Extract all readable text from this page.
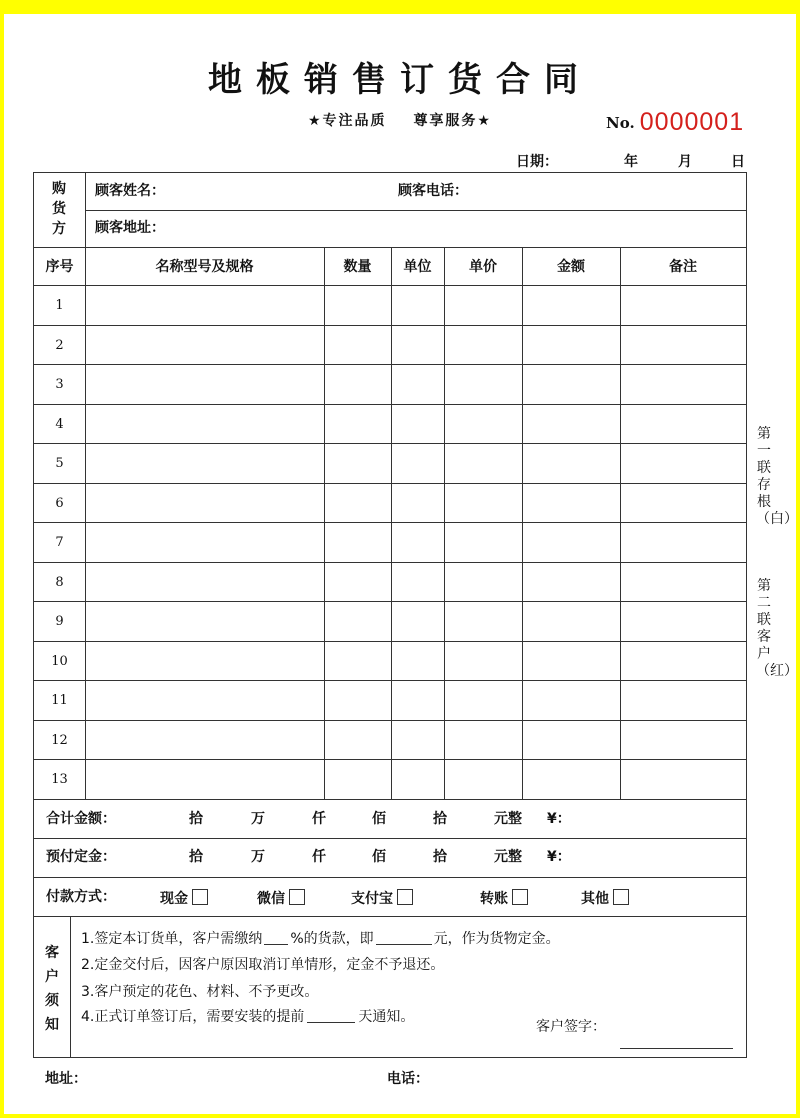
地板销售订货合同
★专注品质 尊享服务★	No. 0000001
日期：	年	月	日
购货方
顾客姓名：	顾客电话：
顾客地址：
序号	名称型号及规格	数量	单位	单价	金额	备注
1
2
3
4
5
6
7
8
9
10
11
12
13
合计金额：	拾	万	仟	佰	拾	元整 ¥：
预付定金：	拾	万	仟	佰	拾	元整 ¥：
付款方式：	现金	微信	支付宝	转账	其他
客户须知
1.签定本订货单，客户需缴纳 %的货款，即	元，作为货物定金。
2.定金交付后，因客户原因取消订单情形，定金不予退还。
3.客户预定的花色、材料、不予更改。
4.正式订单签订后，需要安装的提前	天通知。
客户签字：
第一联存根（白）
第二联客户（红）
地址：	电话：
